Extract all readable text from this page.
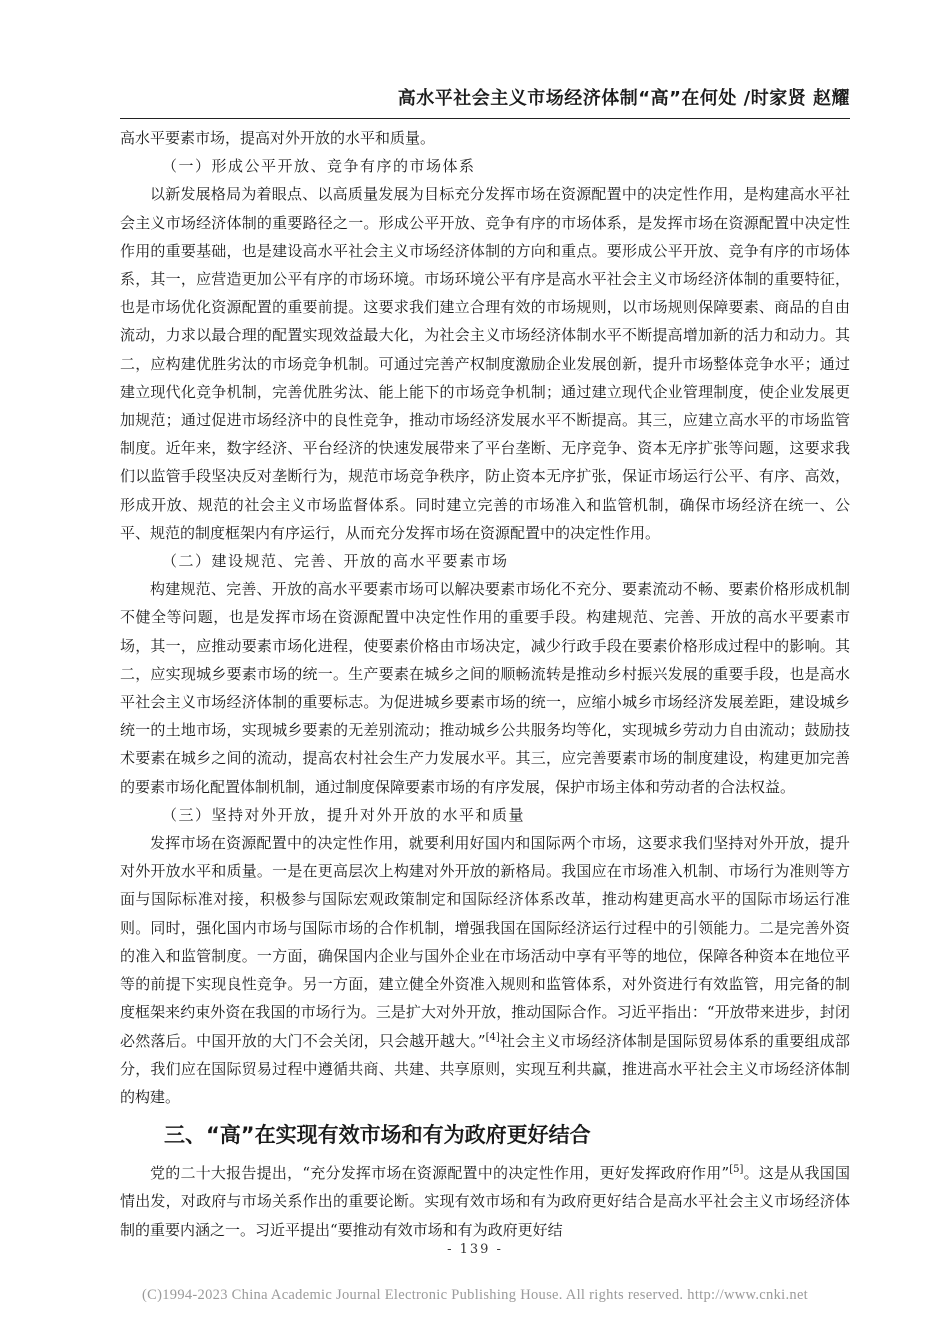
高水平社会主义市场经济体制“高”在何处 /时家贤 赵耀

高水平要素市场，提高对外开放的水平和质量。

（一）形成公平开放、竞争有序的市场体系

以新发展格局为着眼点、以高质量发展为目标充分发挥市场在资源配置中的决定性作用，是构建高水平社会主义市场经济体制的重要路径之一。形成公平开放、竞争有序的市场体系，是发挥市场在资源配置中决定性作用的重要基础，也是建设高水平社会主义市场经济体制的方向和重点。要形成公平开放、竞争有序的市场体系，其一，应营造更加公平有序的市场环境。市场环境公平有序是高水平社会主义市场经济体制的重要特征，也是市场优化资源配置的重要前提。这要求我们建立合理有效的市场规则，以市场规则保障要素、商品的自由流动，力求以最合理的配置实现效益最大化，为社会主义市场经济体制水平不断提高增加新的活力和动力。其二，应构建优胜劣汰的市场竞争机制。可通过完善产权制度激励企业发展创新，提升市场整体竞争水平；通过建立现代化竞争机制，完善优胜劣汰、能上能下的市场竞争机制；通过建立现代企业管理制度，使企业发展更加规范；通过促进市场经济中的良性竞争，推动市场经济发展水平不断提高。其三，应建立高水平的市场监管制度。近年来，数字经济、平台经济的快速发展带来了平台垄断、无序竞争、资本无序扩张等问题，这要求我们以监管手段坚决反对垄断行为，规范市场竞争秩序，防止资本无序扩张，保证市场运行公平、有序、高效，形成开放、规范的社会主义市场监督体系。同时建立完善的市场准入和监管机制，确保市场经济在统一、公平、规范的制度框架内有序运行，从而充分发挥市场在资源配置中的决定性作用。

（二）建设规范、完善、开放的高水平要素市场

构建规范、完善、开放的高水平要素市场可以解决要素市场化不充分、要素流动不畅、要素价格形成机制不健全等问题，也是发挥市场在资源配置中决定性作用的重要手段。构建规范、完善、开放的高水平要素市场，其一，应推动要素市场化进程，使要素价格由市场决定，减少行政手段在要素价格形成过程中的影响。其二，应实现城乡要素市场的统一。生产要素在城乡之间的顺畅流转是推动乡村振兴发展的重要手段，也是高水平社会主义市场经济体制的重要标志。为促进城乡要素市场的统一，应缩小城乡市场经济发展差距，建设城乡统一的土地市场，实现城乡要素的无差别流动；推动城乡公共服务均等化，实现城乡劳动力自由流动；鼓励技术要素在城乡之间的流动，提高农村社会生产力发展水平。其三，应完善要素市场的制度建设，构建更加完善的要素市场化配置体制机制，通过制度保障要素市场的有序发展，保护市场主体和劳动者的合法权益。

（三）坚持对外开放，提升对外开放的水平和质量

发挥市场在资源配置中的决定性作用，就要利用好国内和国际两个市场，这要求我们坚持对外开放，提升对外开放水平和质量。一是在更高层次上构建对外开放的新格局。我国应在市场准入机制、市场行为准则等方面与国际标准对接，积极参与国际宏观政策制定和国际经济体系改革，推动构建更高水平的国际市场运行准则。同时，强化国内市场与国际市场的合作机制，增强我国在国际经济运行过程中的引领能力。二是完善外资的准入和监管制度。一方面，确保国内企业与国外企业在市场活动中享有平等的地位，保障各种资本在地位平等的前提下实现良性竞争。另一方面，建立健全外资准入规则和监管体系，对外资进行有效监管，用完备的制度框架来约束外资在我国的市场行为。三是扩大对外开放，推动国际合作。习近平指出：“开放带来进步，封闭必然落后。中国开放的大门不会关闭，只会越开越大。”[4]社会主义市场经济体制是国际贸易体系的重要组成部分，我们应在国际贸易过程中遵循共商、共建、共享原则，实现互利共赢，推进高水平社会主义市场经济体制的构建。

三、“高”在实现有效市场和有为政府更好结合

党的二十大报告提出，“充分发挥市场在资源配置中的决定性作用，更好发挥政府作用”[5]。这是从我国国情出发，对政府与市场关系作出的重要论断。实现有效市场和有为政府更好结合是高水平社会主义市场经济体制的重要内涵之一。习近平提出“要推动有效市场和有为政府更好结

- 139 -
(C)1994-2023 China Academic Journal Electronic Publishing House. All rights reserved. http://www.cnki.net
